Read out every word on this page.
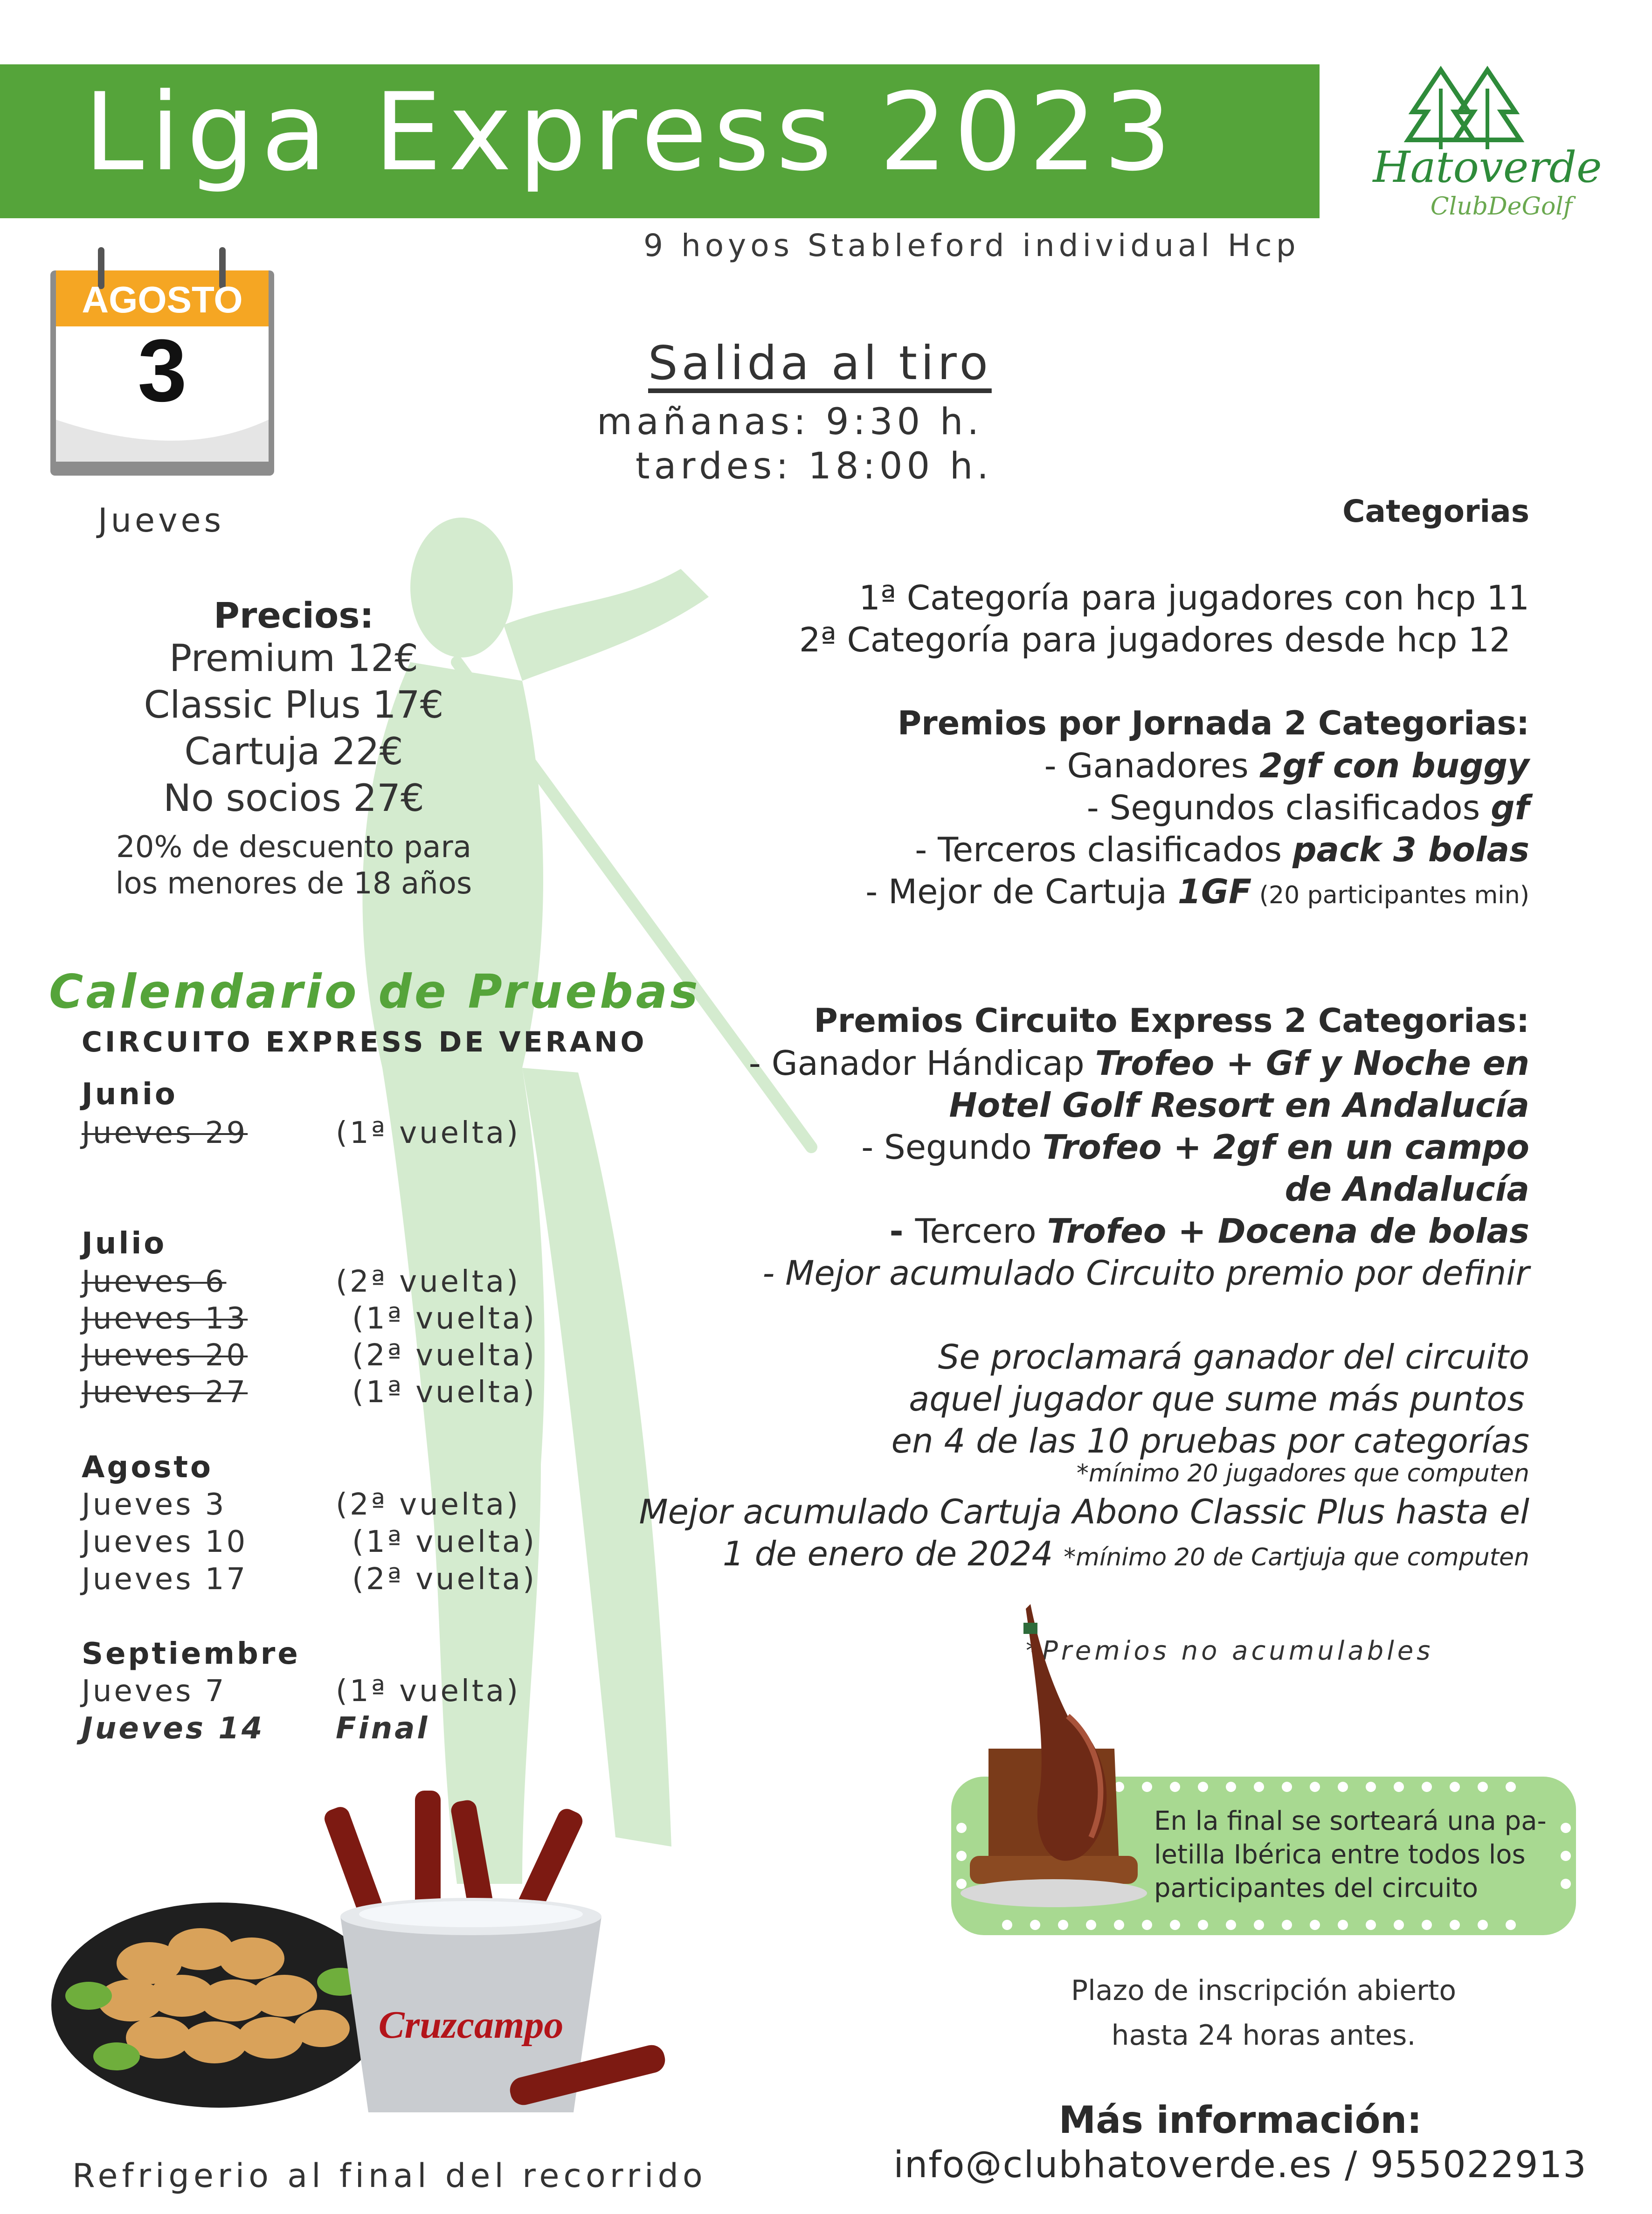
Liga Express 2023
9 hoyos Stableford individual Hcp
Hatoverde
ClubDeGolf
AGOSTO
3
Jueves
Salida al tiro
mañanas: 9:30 h.
tardes: 18:00 h.
Precios:
Premium 12€
Classic Plus 17€
Cartuja 22€
No socios 27€
20% de descuento para
los menores de 18 años
Categorias
1ª Categoría para jugadores con hcp 11
2ª Categoría para jugadores desde hcp 12
Premios por Jornada 2 Categorias:
- Ganadores 2gf con buggy
- Segundos clasificados gf
- Terceros clasificados pack 3 bolas
- Mejor de Cartuja 1GF (20 participantes min)
Premios Circuito Express 2 Categorias:
- Ganador Hándicap Trofeo + Gf y Noche en
Hotel Golf Resort en Andalucía
- Segundo Trofeo + 2gf en un campo
de Andalucía
- Tercero Trofeo + Docena de bolas
- Mejor acumulado Circuito premio por definir
Se proclamará ganador del circuito
aquel jugador que sume más puntos
en 4 de las 10 pruebas por categorías
*mínimo 20 jugadores que computen
Mejor acumulado Cartuja Abono Classic Plus hasta el
1 de enero de 2024 *mínimo 20 de Cartjuja que computen
*Premios no acumulables
Calendario de Pruebas
CIRCUITO EXPRESS DE VERANO
Junio
Jueves 29	(1ª vuelta)
Julio
Jueves 6	(2ª vuelta)
Jueves 13	(1ª vuelta)
Jueves 20	(2ª vuelta)
Jueves 27	(1ª vuelta)
Agosto
Jueves 3	(2ª vuelta)
Jueves 10	(1ª vuelta)
Jueves 17	(2ª vuelta)
Septiembre
Jueves 7	(1ª vuelta)
Jueves 14 Final
En la final se sorteará una pa-
letilla Ibérica entre todos los
participantes del circuito
Plazo de inscripción abierto
hasta 24 horas antes.
Más información:
info@clubhatoverde.es / 955022913
Cruzcampo
Refrigerio al final del recorrido
